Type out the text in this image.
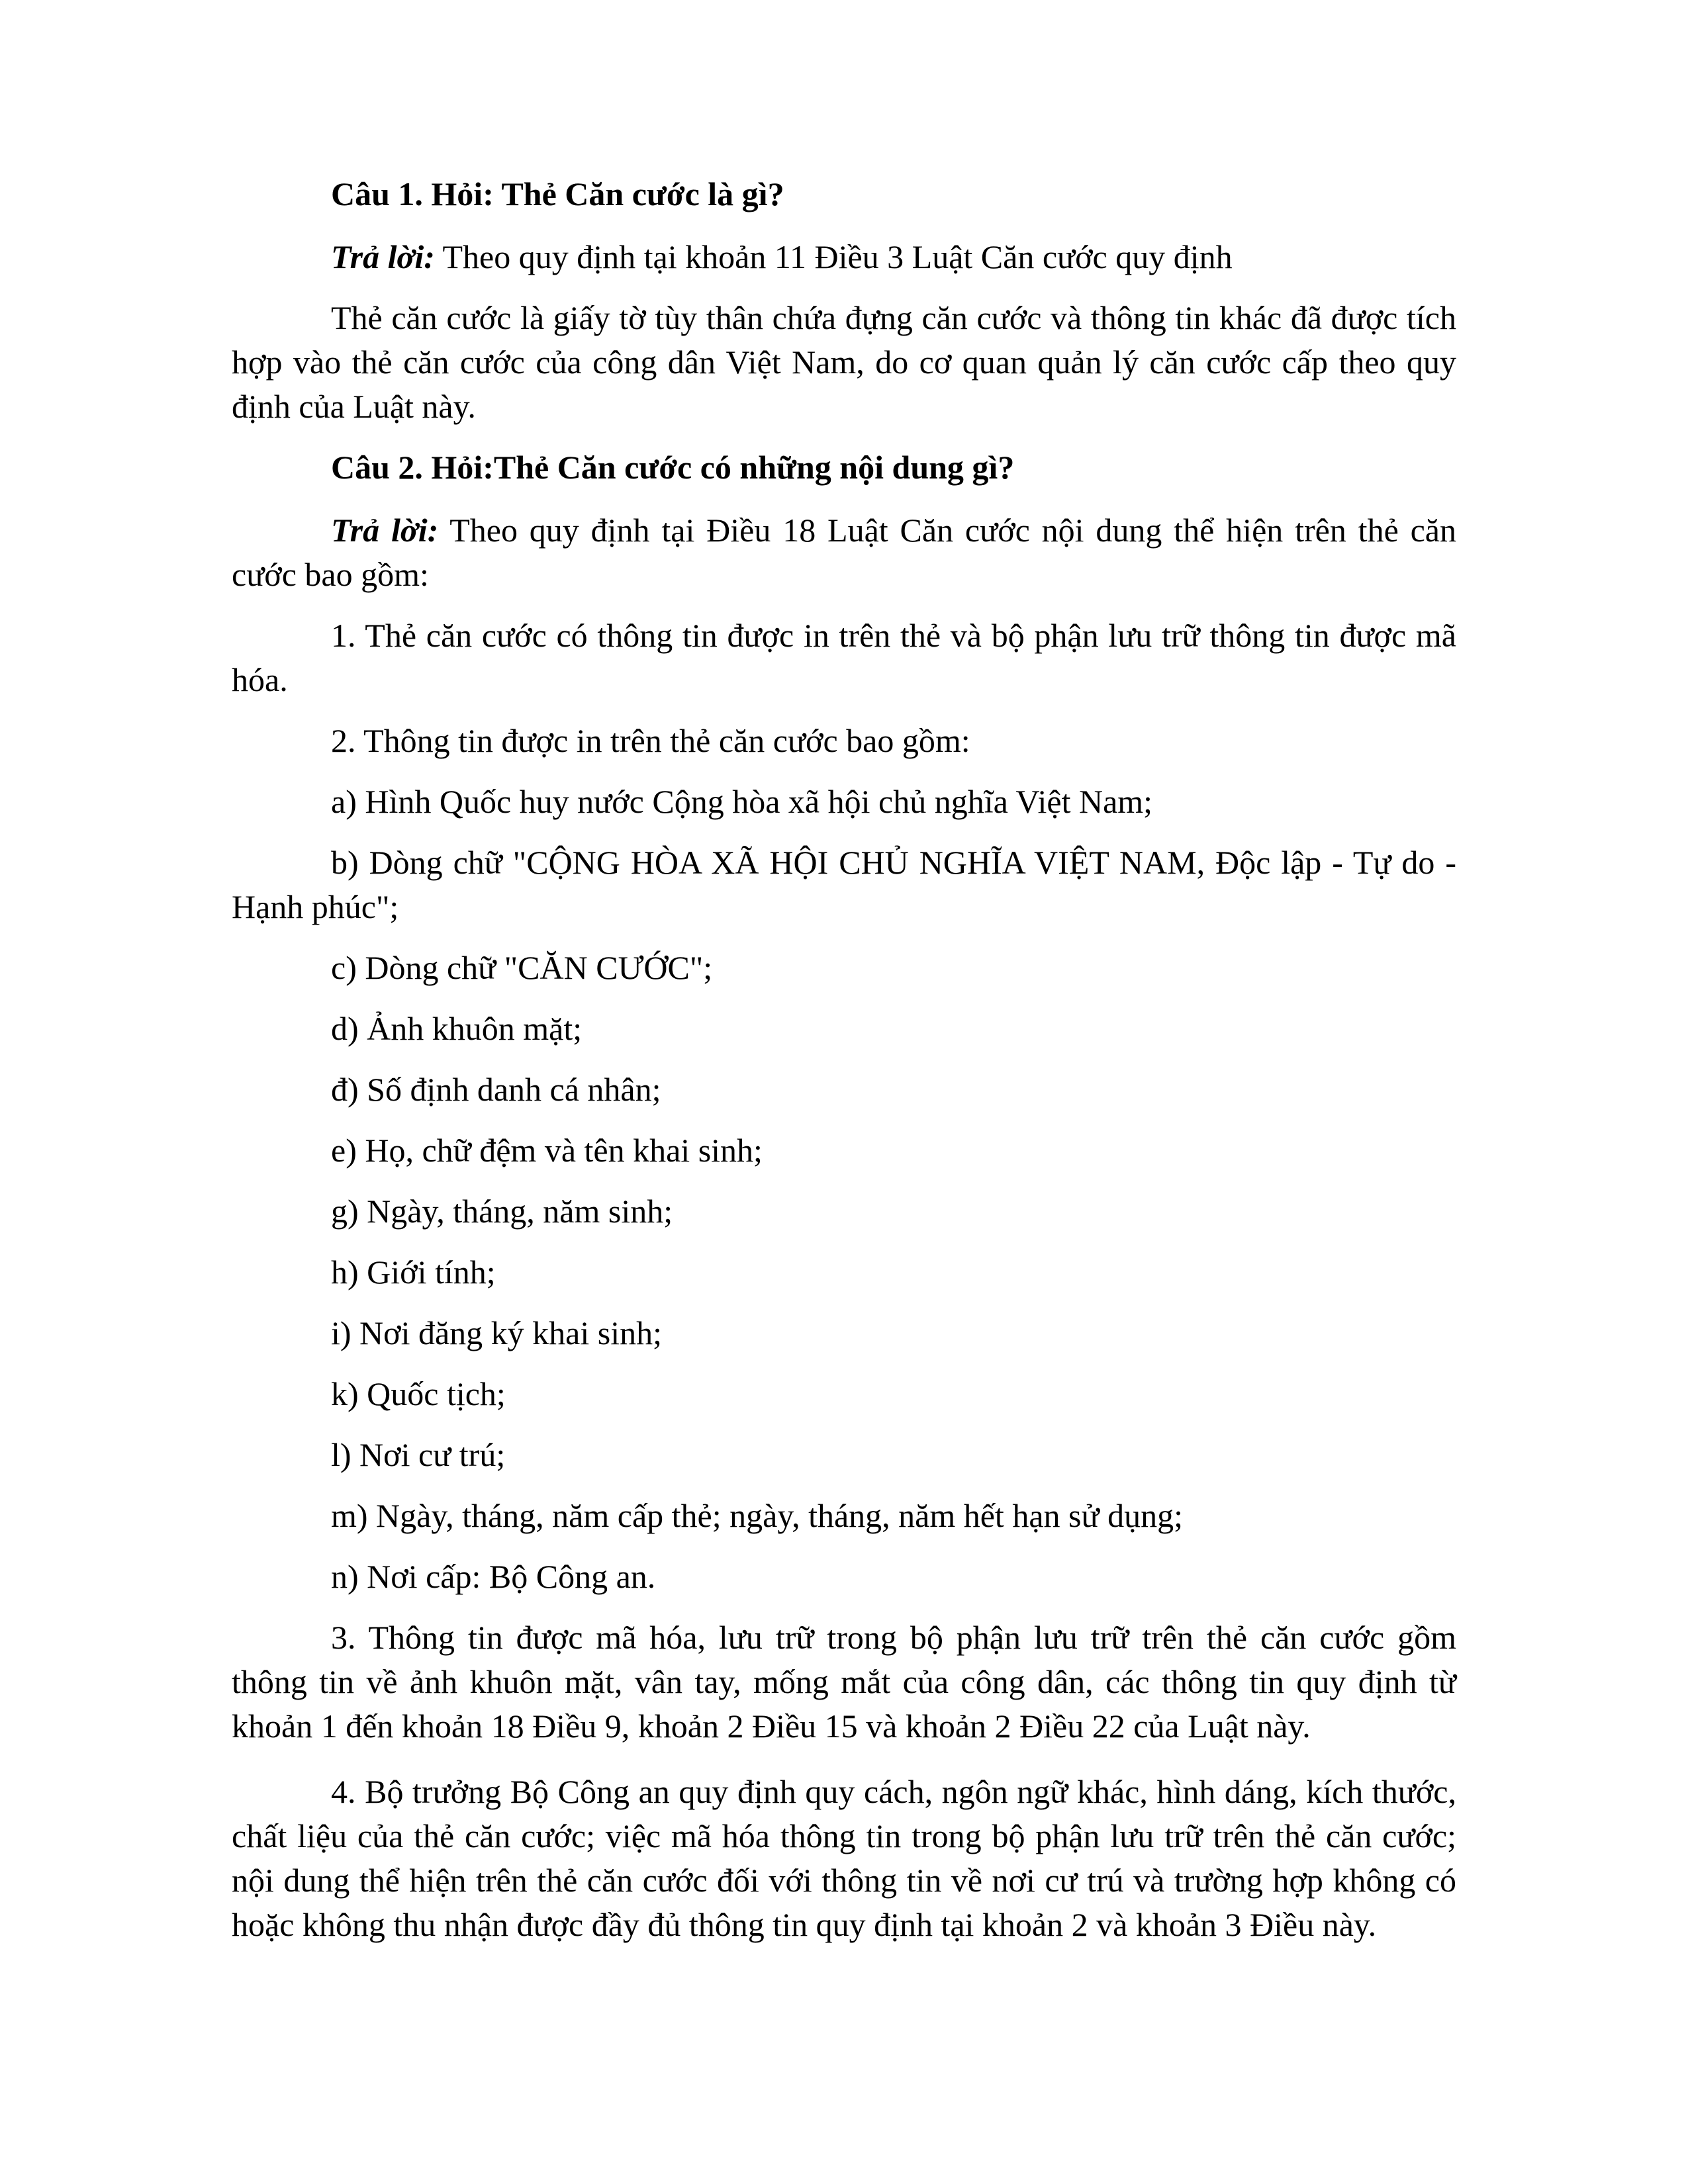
Câu 1. Hỏi: Thẻ Căn cước là gì?

Trả lời: Theo quy định tại khoản 11 Điều 3 Luật Căn cước quy định

Thẻ căn cước là giấy tờ tùy thân chứa đựng căn cước và thông tin khác đã được tích hợp vào thẻ căn cước của công dân Việt Nam, do cơ quan quản lý căn cước cấp theo quy định của Luật này.

Câu 2. Hỏi:Thẻ Căn cước có những nội dung gì?

Trả lời: Theo quy định tại Điều 18 Luật Căn cước nội dung thể hiện trên thẻ căn cước bao gồm:

1. Thẻ căn cước có thông tin được in trên thẻ và bộ phận lưu trữ thông tin được mã hóa.

2. Thông tin được in trên thẻ căn cước bao gồm:

a) Hình Quốc huy nước Cộng hòa xã hội chủ nghĩa Việt Nam;

b) Dòng chữ "CỘNG HÒA XÃ HỘI CHỦ NGHĨA VIỆT NAM, Độc lập - Tự do - Hạnh phúc";

c) Dòng chữ "CĂN CƯỚC";

d) Ảnh khuôn mặt;

đ) Số định danh cá nhân;

e) Họ, chữ đệm và tên khai sinh;

g) Ngày, tháng, năm sinh;

h) Giới tính;

i) Nơi đăng ký khai sinh;

k) Quốc tịch;

l) Nơi cư trú;

m) Ngày, tháng, năm cấp thẻ; ngày, tháng, năm hết hạn sử dụng;

n) Nơi cấp: Bộ Công an.

3. Thông tin được mã hóa, lưu trữ trong bộ phận lưu trữ trên thẻ căn cước gồm thông tin về ảnh khuôn mặt, vân tay, mống mắt của công dân, các thông tin quy định từ khoản 1 đến khoản 18 Điều 9, khoản 2 Điều 15 và khoản 2 Điều 22 của Luật này.

4. Bộ trưởng Bộ Công an quy định quy cách, ngôn ngữ khác, hình dáng, kích thước, chất liệu của thẻ căn cước; việc mã hóa thông tin trong bộ phận lưu trữ trên thẻ căn cước; nội dung thể hiện trên thẻ căn cước đối với thông tin về nơi cư trú và trường hợp không có hoặc không thu nhận được đầy đủ thông tin quy định tại khoản 2 và khoản 3 Điều này.
